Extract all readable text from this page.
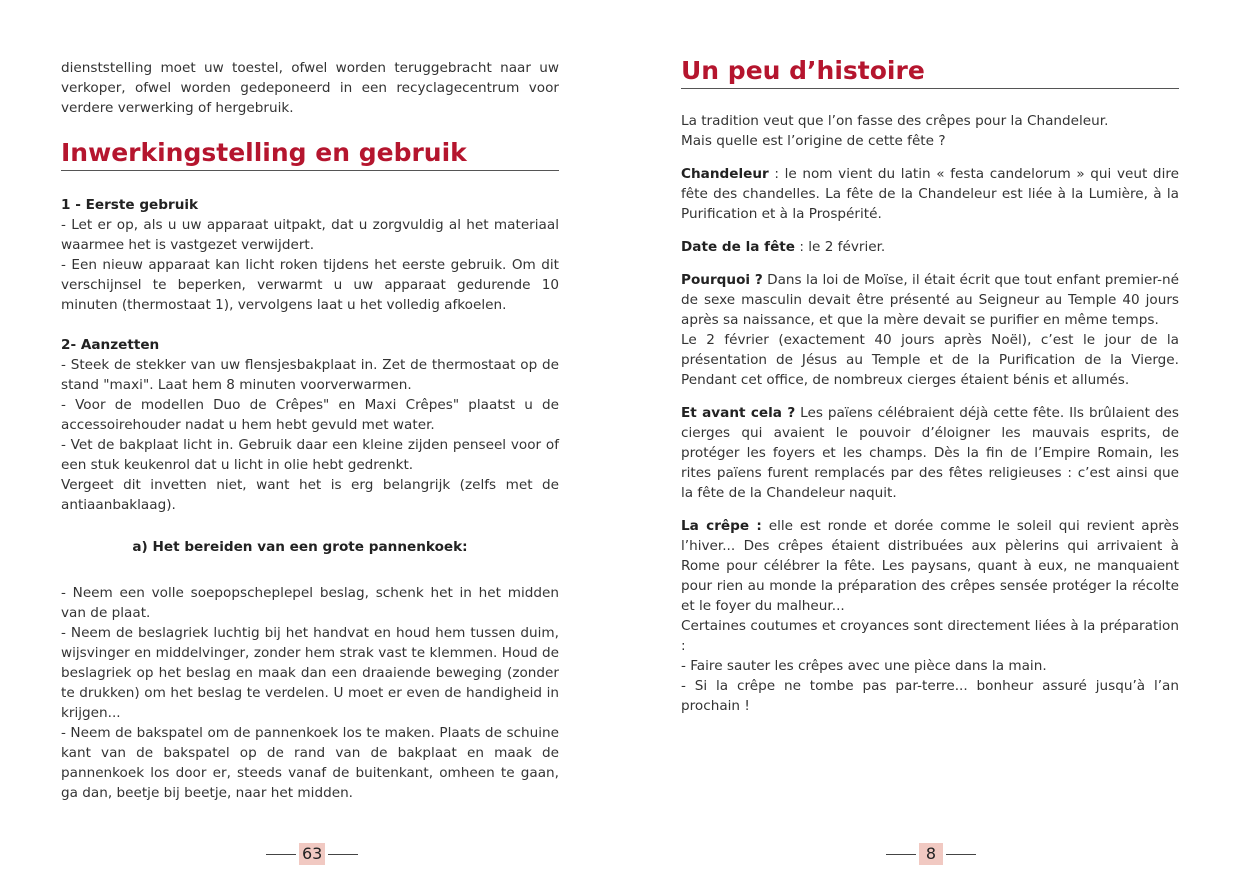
dienststelling moet uw toestel, ofwel worden teruggebracht naar uw verkoper, ofwel worden gedeponeerd in een recyclagecentrum voor verdere verwerking of hergebruik.

Inwerkingstelling en gebruik
1 - Eerste gebruik

- Let er op, als u uw apparaat uitpakt, dat u zorgvuldig al het materiaal waarmee het is vastgezet verwijdert.

- Een nieuw apparaat kan licht roken tijdens het eerste gebruik. Om dit verschijnsel te beperken, verwarmt u uw apparaat gedurende 10 minuten (thermostaat 1), vervolgens laat u het volledig afkoelen.

2- Aanzetten

- Steek de stekker van uw flensjesbakplaat in. Zet de thermostaat op de stand "maxi". Laat hem 8 minuten voorverwarmen.

- Voor de modellen Duo de Crêpes" en Maxi Crêpes" plaatst u de accessoirehouder nadat u hem hebt gevuld met water.

- Vet de bakplaat licht in. Gebruik daar een kleine zijden penseel voor of een stuk keukenrol dat u licht in olie hebt gedrenkt.

Vergeet dit invetten niet, want het is erg belangrijk (zelfs met de antiaanbaklaag).

a) Het bereiden van een grote pannenkoek:

- Neem een volle soepopscheplepel beslag, schenk het in het midden van de plaat.

- Neem de beslagriek luchtig bij het handvat en houd hem tussen duim, wijsvinger en middelvinger, zonder hem strak vast te klemmen. Houd de beslagriek op het beslag en maak dan een draaiende beweging (zonder te drukken) om het beslag te verdelen. U moet er even de handigheid in krijgen...

- Neem de bakspatel om de pannenkoek los te maken. Plaats de schuine kant van de bakspatel op de rand van de bakplaat en maak de pannenkoek los door er, steeds vanaf de buitenkant, omheen te gaan, ga dan, beetje bij beetje, naar het midden.

63
Un peu d’histoire

La tradition veut que l’on fasse des crêpes pour la Chandeleur.

Mais quelle est l’origine de cette fête ?

Chandeleur : le nom vient du latin « festa candelorum » qui veut dire fête des chandelles. La fête de la Chandeleur est liée à la Lumière, à la Purification et à la Prospérité.

Date de la fête : le 2 février.

Pourquoi ? Dans la loi de Moïse, il était écrit que tout enfant premier-né de sexe masculin devait être présenté au Seigneur au Temple 40 jours après sa naissance, et que la mère devait se purifier en même temps.

Le 2 février (exactement 40 jours après Noël), c’est le jour de la présentation de Jésus au Temple et de la Purification de la Vierge. Pendant cet office, de nombreux cierges étaient bénis et allumés.

Et avant cela ? Les païens célébraient déjà cette fête. Ils brûlaient des cierges qui avaient le pouvoir d’éloigner les mauvais esprits, de protéger les foyers et les champs. Dès la fin de l’Empire Romain, les rites païens furent remplacés par des fêtes religieuses : c’est ainsi que la fête de la Chandeleur naquit.

La crêpe : elle est ronde et dorée comme le soleil qui revient après l’hiver... Des crêpes étaient distribuées aux pèlerins qui arrivaient à Rome pour célébrer la fête. Les paysans, quant à eux, ne manquaient pour rien au monde la préparation des crêpes sensée protéger la récolte et le foyer du malheur...

Certaines coutumes et croyances sont directement liées à la préparation :

- Faire sauter les crêpes avec une pièce dans la main.

- Si la crêpe ne tombe pas par-terre... bonheur assuré jusqu’à l’an prochain !

8
